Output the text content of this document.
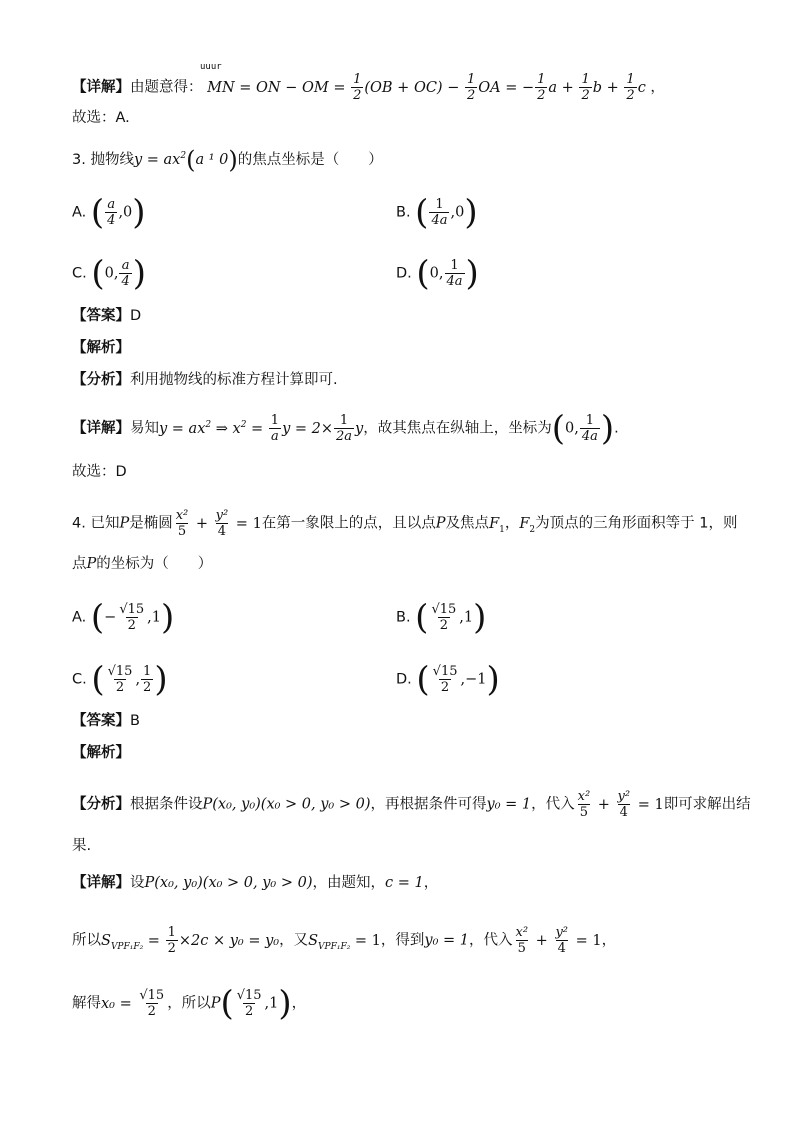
【详解】由题意得： MN = ON − OM = $\frac{1}{2} (OB + OC) - \frac{1}{2}$ OA = − $\frac{1}{2}$ $a + \frac{1}{2}$ $b + \frac{1}{2}$ c ，
uuur
故选：A.
3. 抛物线$y = ax^2(a$ ¹ 0)的焦点坐标是（　　）
A. ( $\frac{a}{4} ,0$)	B. ( $\frac{1}{4a} ,0$)
C. (0, $\frac{a}{4}$ )	D. (0, $\frac{1}{4a}$ )
【答案】D
【解析】
【分析】利用抛物线的标准方程计算即可.
【详解】易知$y = ax^2$ ⇒ $x^2 = \frac{1}{a}$ $y = 2\times \frac{1}{2a}$ y，故其焦点在纵轴上，坐标为(0, $\frac{1}{4a}$ ).
故选：D
4. 已知P是椭圆 $\frac{\text{x²}}{5} + \frac{\text{y²}}{4} = 1$在第一象限上的点，且以点P及焦点$F_1$，$F_2$为顶点的三角形面积等于 1，则
点P的坐标为（　　）
A. (− $\frac{√15}{2} ,1$)	B. ( $\frac{√15}{2} ,1$)
C. ( $\frac{√15}{2}$ , $\frac{1}{2}$ )	D. ( $\frac{√15}{2} ,-1$)
【答案】B
【解析】
【分析】根据条件设P(x₀, y₀)(x₀ > 0, y₀ > 0)，再根据条件可得y₀ = 1，代入 $\frac{\text{x²}}{5} + \frac{\text{y²}}{4} = 1$即可求解出结
果.
【详解】设P(x₀, y₀)(x₀ > 0, y₀ > 0)，由题知，c = 1，
所以$S_{VPF_1F_2} = \frac{1}{2} \times 2c \times y_0 = y_0$，又$S_{VPF_1F_2} = 1$，得到y₀ = 1，代入 $\frac{\text{x²}}{5} + \frac{\text{y²}}{4} = 1$，
解得$x_0 = \frac{√15}{2}$ ，所以$P( \frac{√15}{2} ,1)$，
